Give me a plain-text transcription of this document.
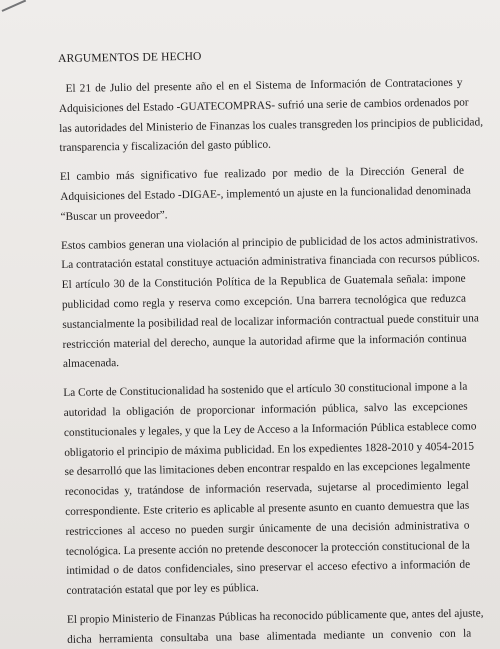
ARGUMENTOS DE HECHO
El 21 de Julio del presente año el en el Sistema de Información de Contrataciones y
Adquisiciones del Estado -GUATECOMPRAS- sufrió una serie de cambios ordenados por
las autoridades del Ministerio de Finanzas los cuales transgreden los principios de publicidad,
transparencia y fiscalización del gasto público.
El cambio más significativo fue realizado por medio de la Dirección General de
Adquisiciones del Estado -DIGAE-, implementó un ajuste en la funcionalidad denominada
“Buscar un proveedor”.
Estos cambios generan una violación al principio de publicidad de los actos administrativos.
La contratación estatal constituye actuación administrativa financiada con recursos públicos.
El artículo 30 de la Constitución Política de la Republica de Guatemala señala: impone
publicidad como regla y reserva como excepción. Una barrera tecnológica que reduzca
sustancialmente la posibilidad real de localizar información contractual puede constituir una
restricción material del derecho, aunque la autoridad afirme que la información continua
almacenada.
La Corte de Constitucionalidad ha sostenido que el artículo 30 constitucional impone a la
autoridad la obligación de proporcionar información pública, salvo las excepciones
constitucionales y legales, y que la Ley de Acceso a la Información Pública establece como
obligatorio el principio de máxima publicidad. En los expedientes 1828-2010 y 4054-2015
se desarrolló que las limitaciones deben encontrar respaldo en las excepciones legalmente
reconocidas y, tratándose de información reservada, sujetarse al procedimiento legal
correspondiente. Este criterio es aplicable al presente asunto en cuanto demuestra que las
restricciones al acceso no pueden surgir únicamente de una decisión administrativa o
tecnológica. La presente acción no pretende desconocer la protección constitucional de la
intimidad o de datos confidenciales, sino preservar el acceso efectivo a información de
contratación estatal que por ley es pública.
El propio Ministerio de Finanzas Públicas ha reconocido públicamente que, antes del ajuste,
dicha herramienta consultaba una base alimentada mediante un convenio con la
